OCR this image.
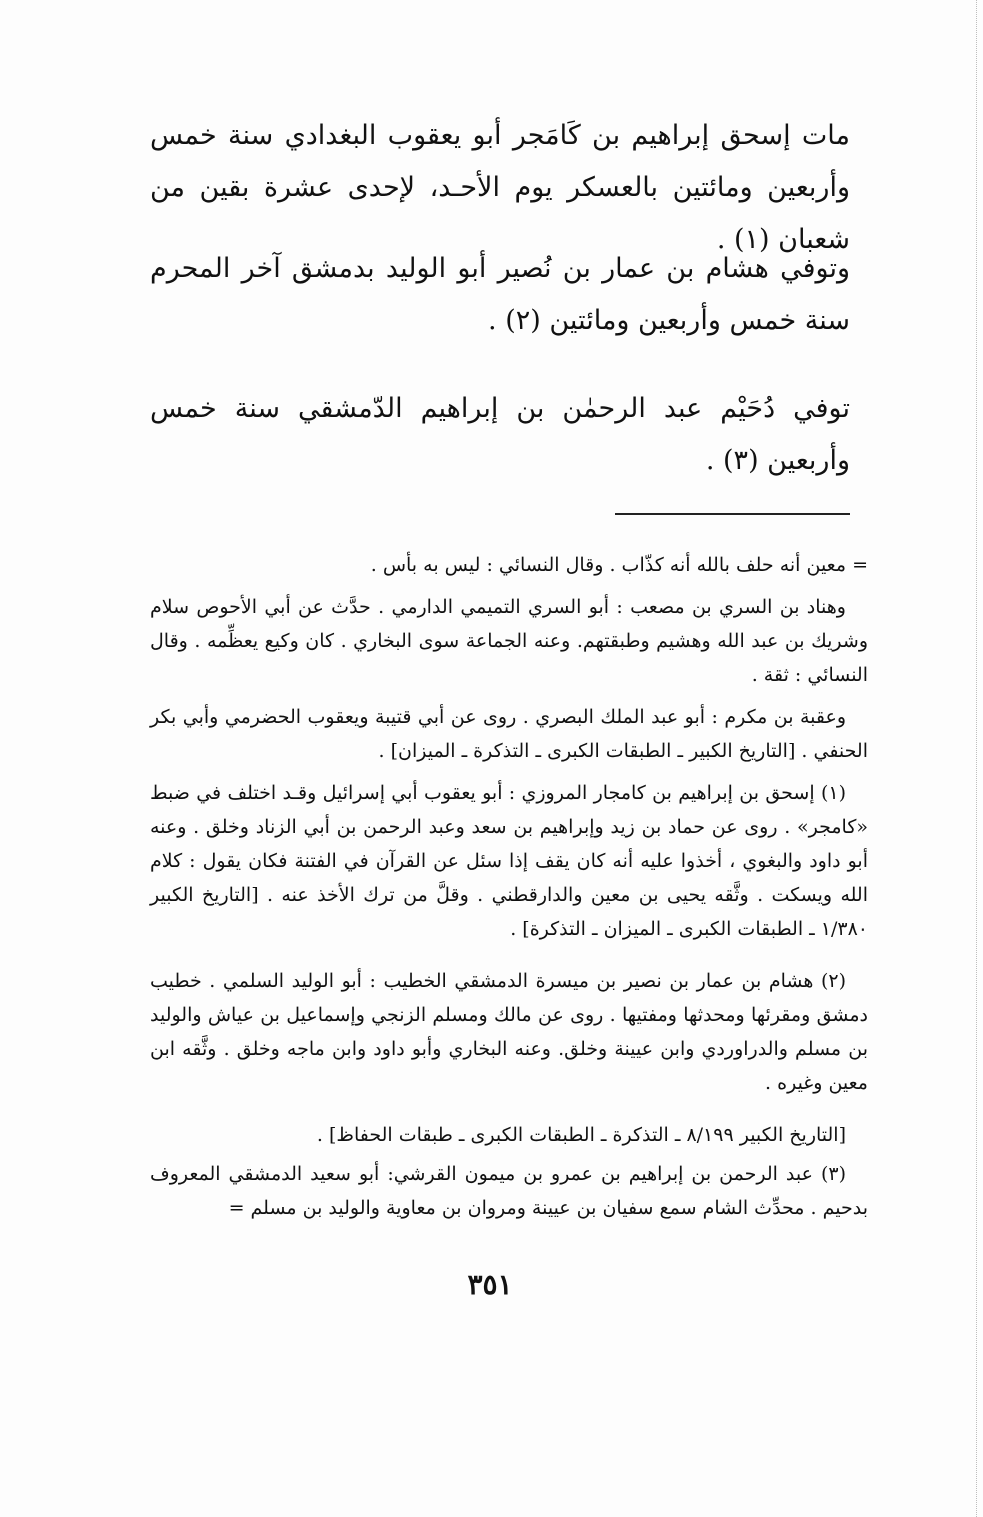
مات إسحق إبراهيم بن كَامَجر أبو يعقوب البغدادي سنة خمس وأربعين ومائتين بالعسكر يوم الأحـد، لإحدى عشرة بقين من شعبان (١) .
وتوفي هشام بن عمار بن نُصير أبو الوليد بدمشق آخر المحرم سنة خمس وأربعين ومائتين (٢) .
توفي دُحَيْم عبد الرحمٰن بن إبراهيم الدّمشقي سنة خمس وأربعين (٣) .
= معين أنه حلف بالله أنه كذّاب . وقال النسائي : ليس به بأس .
وهناد بن السري بن مصعب : أبو السري التميمي الدارمي . حدَّث عن أبي الأحوص سلام وشريك بن عبد الله وهشيم وطبقتهم. وعنه الجماعة سوى البخاري . كان وكيع يعظِّمه . وقال النسائي : ثقة .
وعقبة بن مكرم : أبو عبد الملك البصري . روى عن أبي قتيبة ويعقوب الحضرمي وأبي بكر الحنفي . [التاريخ الكبير ـ الطبقات الكبرى ـ التذكرة ـ الميزان] .
(١) إسحق بن إبراهيم بن كامجار المروزي : أبو يعقوب أبي إسرائيل وقـد اختلف في ضبط «كامجر» . روى عن حماد بن زيد وإبراهيم بن سعد وعبد الرحمن بن أبي الزناد وخلق . وعنه أبو داود والبغوي ، أخذوا عليه أنه كان يقف إذا سئل عن القرآن في الفتنة فكان يقول : كلام الله ويسكت . وثَّقه يحيى بن معين والدارقطني . وقلَّ من ترك الأخذ عنه . [التاريخ الكبير ١/٣٨٠ ـ الطبقات الكبرى ـ الميزان ـ التذكرة] .
(٢) هشام بن عمار بن نصير بن ميسرة الدمشقي الخطيب : أبو الوليد السلمي . خطيب دمشق ومقرئها ومحدثها ومفتيها . روى عن مالك ومسلم الزنجي وإسماعيل بن عياش والوليد بن مسلم والدراوردي وابن عيينة وخلق. وعنه البخاري وأبو داود وابن ماجه وخلق . وثَّقه ابن معين وغيره .
[التاريخ الكبير ٨/١٩٩ ـ التذكرة ـ الطبقات الكبرى ـ طبقات الحفاظ] .
(٣) عبد الرحمن بن إبراهيم بن عمرو بن ميمون القرشي: أبو سعيد الدمشقي المعروف بدحيم . محدِّث الشام سمع سفيان بن عيينة ومروان بن معاوية والوليد بن مسلم =
٣٥١
